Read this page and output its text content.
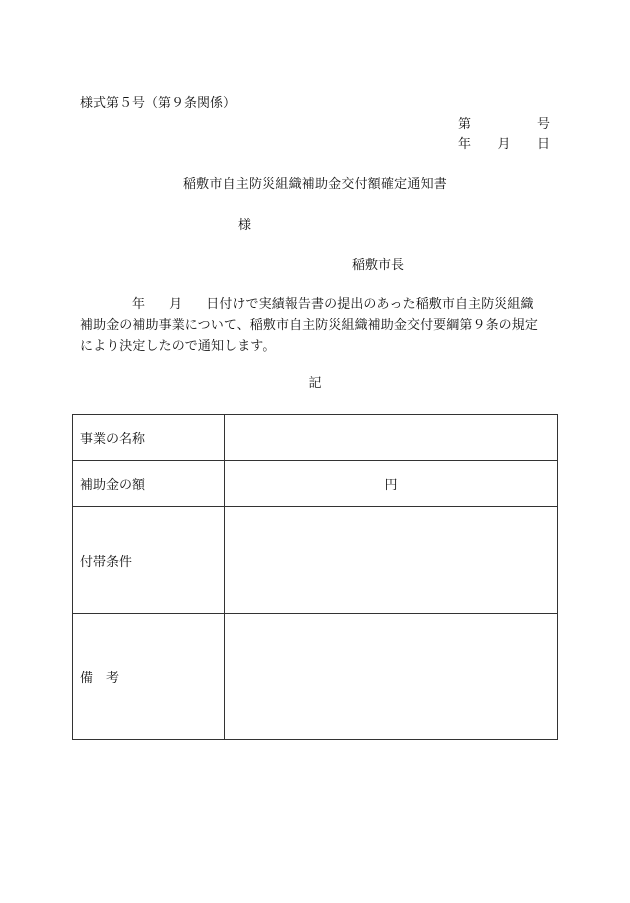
様式第５号（第９条関係）
第	号
年 月 日
稲敷市自主防災組織補助金交付額確定通知書
様
稲敷市長
年 月 日付けで実績報告書の提出のあった稲敷市自主防災組織
補助金の補助事業について、稲敷市自主防災組織補助金交付要綱第９条の規定
により決定したので通知します。
記
事業の名称	
補助金の額	円
付帯条件	
備　考	
